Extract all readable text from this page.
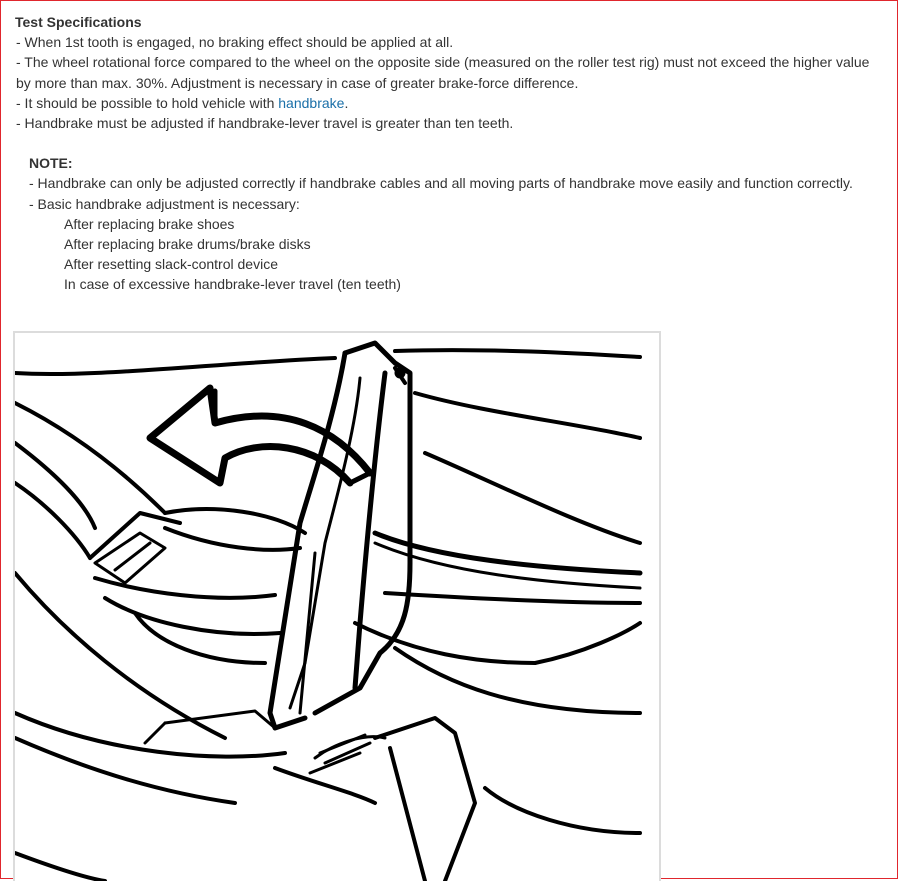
Test Specifications
- When 1st tooth is engaged, no braking effect should be applied at all.
- The wheel rotational force compared to the wheel on the opposite side (measured on the roller test rig) must not exceed the higher value by more than max. 30%. Adjustment is necessary in case of greater brake-force difference.
- It should be possible to hold vehicle with handbrake.
- Handbrake must be adjusted if handbrake-lever travel is greater than ten teeth.
NOTE:
- Handbrake can only be adjusted correctly if handbrake cables and all moving parts of handbrake move easily and function correctly.
- Basic handbrake adjustment is necessary:
After replacing brake shoes
After replacing brake drums/brake disks
After resetting slack-control device
In case of excessive handbrake-lever travel (ten teeth)
